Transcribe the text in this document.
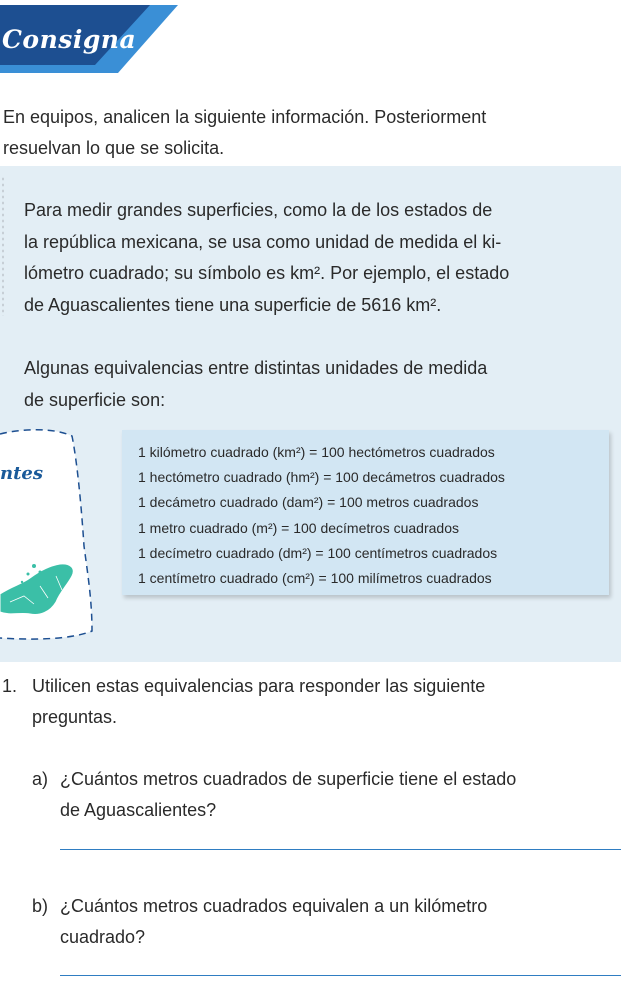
Consigna

En equipos, analicen la siguiente información. Posteriorment
resuelvan lo que se solicita.

Para medir grandes superficies, como la de los estados de
la república mexicana, se usa como unidad de medida el ki-
lómetro cuadrado; su símbolo es km². Por ejemplo, el estado
de Aguascalientes tiene una superficie de 5616 km².

Algunas equivalencias entre distintas unidades de medida
de superficie son:

ntes

1 kilómetro cuadrado (km²) = 100 hectómetros cuadrados
1 hectómetro cuadrado (hm²) = 100 decámetros cuadrados
1 decámetro cuadrado (dam²) = 100 metros cuadrados
1 metro cuadrado (m²) = 100 decímetros cuadrados
1 decímetro cuadrado (dm²) = 100 centímetros cuadrados
1 centímetro cuadrado (cm²) = 100 milímetros cuadrados
1. Utilicen estas equivalencias para responder las siguiente
preguntas.

a) ¿Cuántos metros cuadrados de superficie tiene el estado
de Aguascalientes?

b) ¿Cuántos metros cuadrados equivalen a un kilómetro
cuadrado?
